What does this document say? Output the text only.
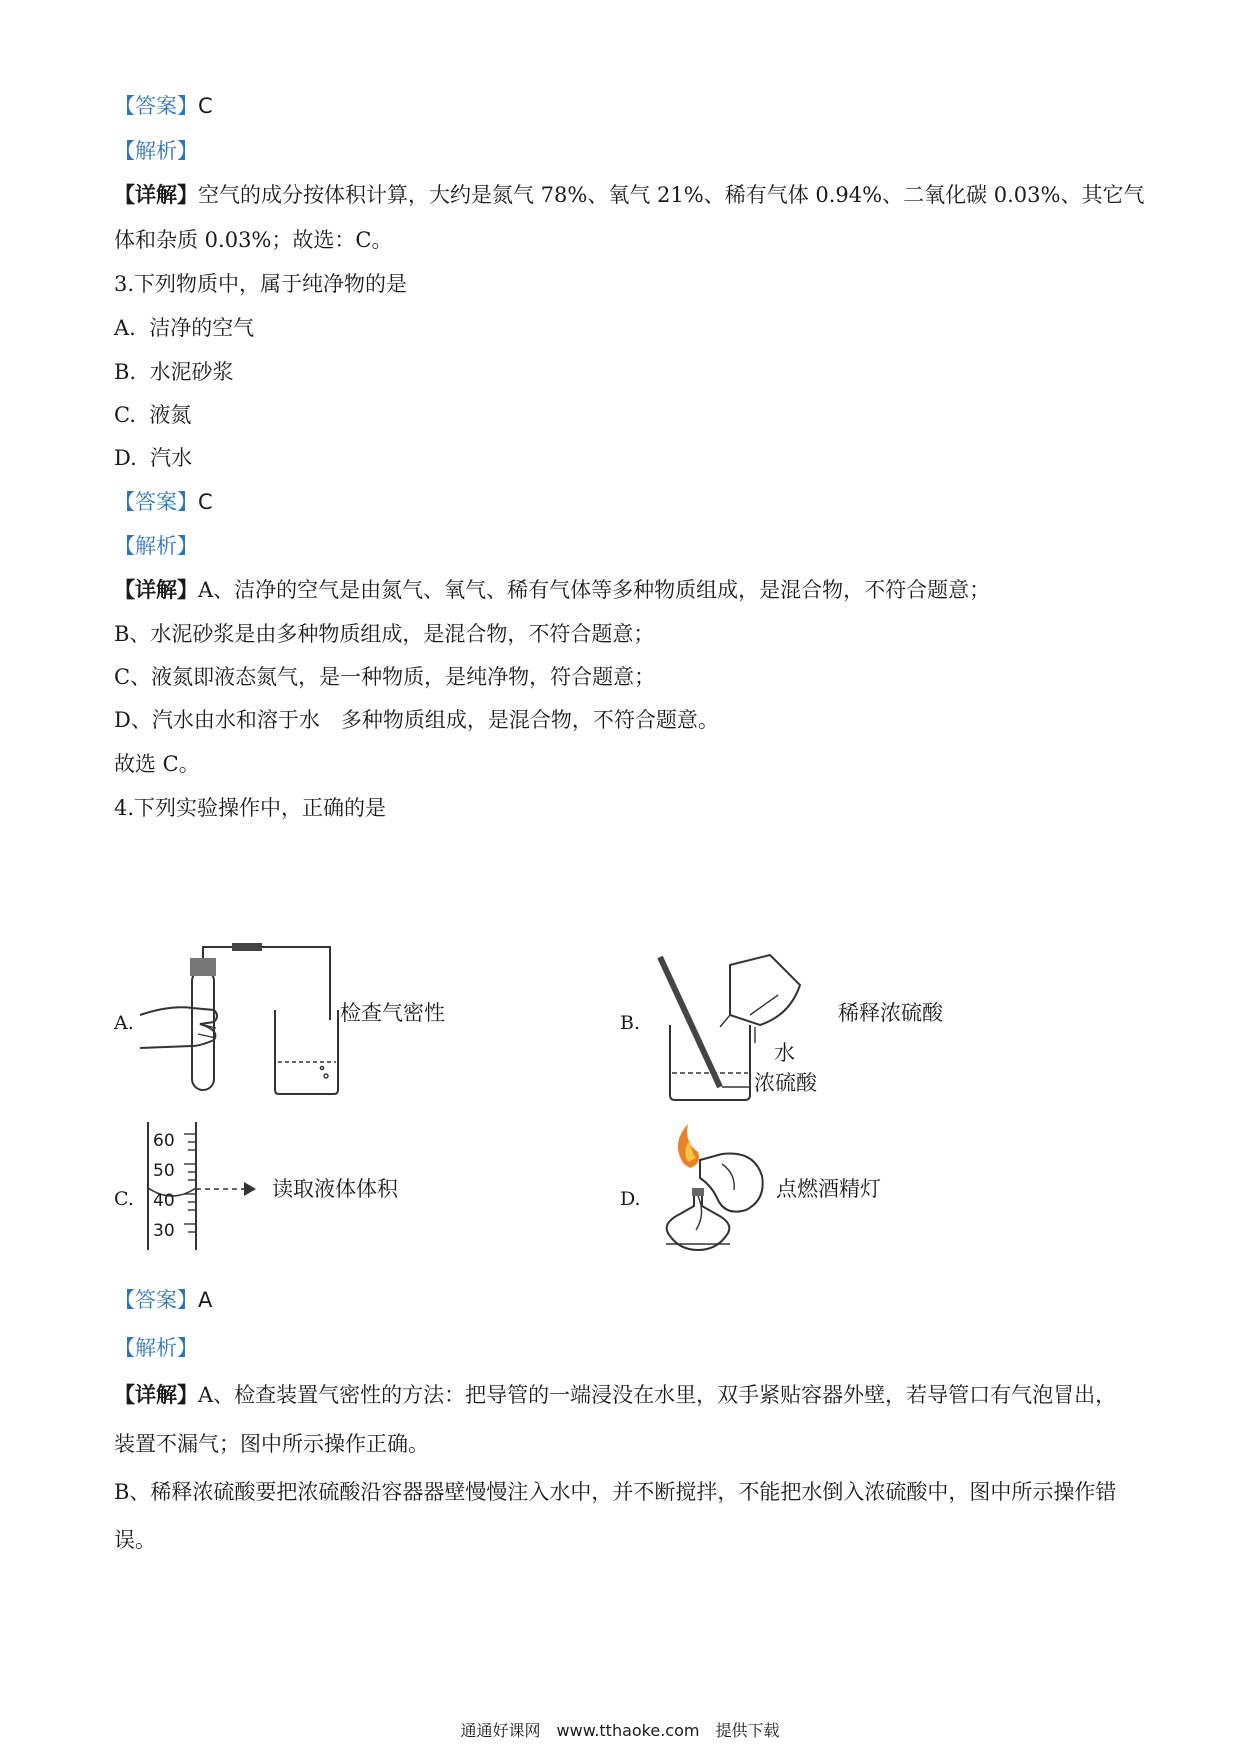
【答案】C
【解析】
【详解】空气的成分按体积计算，大约是氮气 78%、氧气 21%、稀有气体 0.94%、二氧化碳 0.03%、其它气
体和杂质 0.03%；故选：C。
3.下列物质中，属于纯净物的是
A. 洁净的空气
B. 水泥砂浆
C. 液氮
D. 汽水
【答案】C
【解析】
【详解】A、洁净的空气是由氮气、氧气、稀有气体等多种物质组成，是混合物，不符合题意；
B、水泥砂浆是由多种物质组成，是混合物，不符合题意；
C、液氮即液态氮气，是一种物质，是纯净物，符合题意；
D、汽水由水和溶于水　多种物质组成，是混合物，不符合题意。
故选 C。
4.下列实验操作中，正确的是
A.	检查气密性	B.	稀释浓硫酸
水
浓硫酸
C.
60
50
40
30
读取液体体积	D.	点燃酒精灯
【答案】A
【解析】
【详解】A、检查装置气密性的方法：把导管的一端浸没在水里，双手紧贴容器外壁，若导管口有气泡冒出，
装置不漏气；图中所示操作正确。
B、稀释浓硫酸要把浓硫酸沿容器器壁慢慢注入水中，并不断搅拌，不能把水倒入浓硫酸中，图中所示操作错
误。
通通好课网　www.tthaoke.com　提供下载
